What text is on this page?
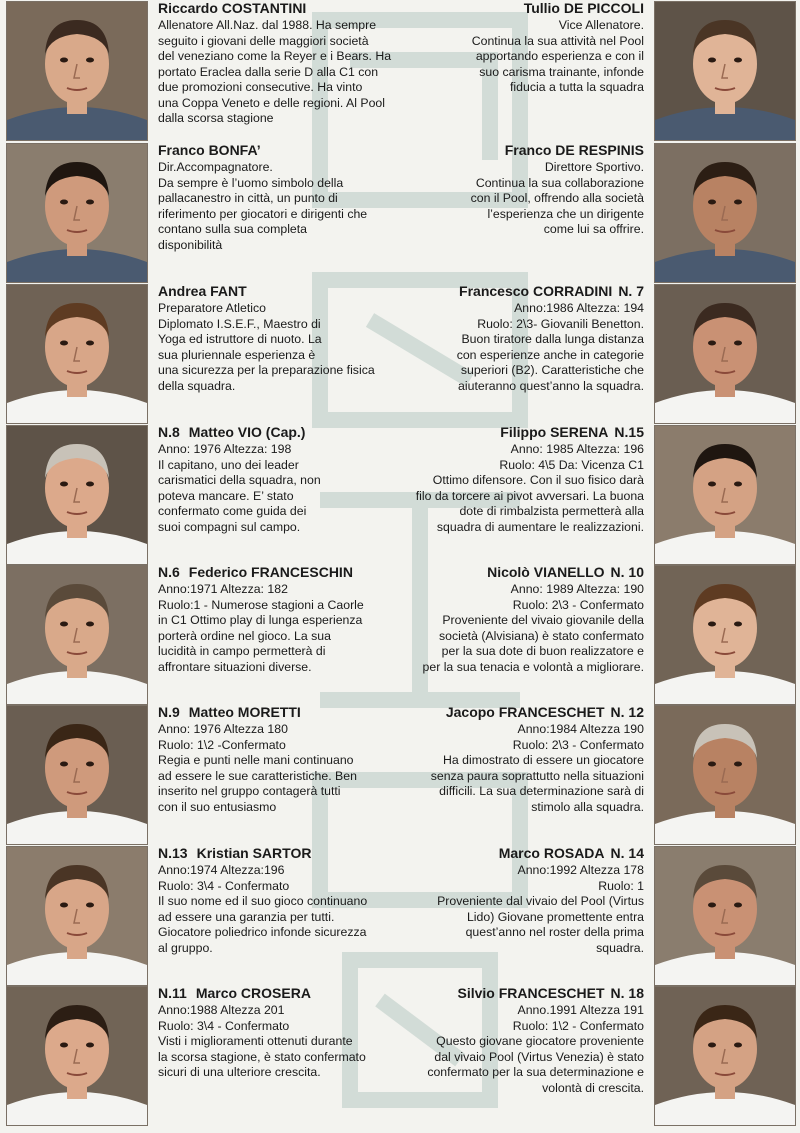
Riccardo COSTANTINI
Allenatore All.Naz. dal 1988. Ha sempre
seguito i giovani delle maggiori società
del veneziano come la Reyer e i Bears. Ha
portato Eraclea dalla serie D alla C1 con
due promozioni consecutive. Ha vinto
una Coppa Veneto e delle regioni. Al Pool
dalla scorsa stagione
Tullio DE PICCOLI
Vice Allenatore.
Continua la sua attività nel Pool
apportando esperienza e con il
suo carisma trainante, infonde
fiducia a tutta la squadra
Franco BONFA’
Dir.Accompagnatore.
Da sempre è l’uomo simbolo della
pallacanestro in città, un punto di
riferimento per giocatori e dirigenti che
contano sulla sua completa
disponibilità
Franco DE RESPINIS
Direttore Sportivo.
Continua la sua collaborazione
con il Pool, offrendo alla società
l’esperienza che un dirigente
come lui sa offrire.
Andrea FANT
Preparatore Atletico
Diplomato I.S.E.F., Maestro di
Yoga ed istruttore di nuoto. La
sua pluriennale esperienza è
una sicurezza per la preparazione fisica
della squadra.
Francesco CORRADINI N. 7
Anno:1986 Altezza: 194
Ruolo: 2\3- Giovanili Benetton.
Buon tiratore dalla lunga distanza
con esperienze anche in categorie
superiori (B2). Caratteristiche che
aiuteranno quest’anno la squadra.
N.8 Matteo VIO (Cap.)
Anno: 1976 Altezza: 198
Il capitano, uno dei leader
carismatici della squadra, non
poteva mancare. E’ stato
confermato come guida dei
suoi compagni sul campo.
Filippo SERENA N.15
Anno: 1985 Altezza: 196
Ruolo: 4\5 Da: Vicenza C1
Ottimo difensore. Con il suo fisico darà
filo da torcere ai pivot avversari. La buona
dote di rimbalzista permetterà alla
squadra di aumentare le realizzazioni.
N.6 Federico FRANCESCHIN
Anno:1971 Altezza: 182
Ruolo:1 - Numerose stagioni a Caorle
in C1 Ottimo play di lunga esperienza
porterà ordine nel gioco. La sua
lucidità in campo permetterà di
affrontare situazioni diverse.
Nicolò VIANELLO N. 10
Anno: 1989 Altezza: 190
Ruolo: 2\3 - Confermato
Proveniente del vivaio giovanile della
società (Alvisiana) è stato confermato
per la sua dote di buon realizzatore e
per la sua tenacia e volontà a migliorare.
N.9 Matteo MORETTI
Anno: 1976 Altezza 180
Ruolo: 1\2 -Confermato
Regia e punti nelle mani continuano
ad essere le sue caratteristiche. Ben
inserito nel gruppo contagerà tutti
con il suo entusiasmo
Jacopo FRANCESCHET N. 12
Anno:1984 Altezza 190
Ruolo: 2\3 - Confermato
Ha dimostrato di essere un giocatore
senza paura soprattutto nella situazioni
difficili. La sua determinazione sarà di
stimolo alla squadra.
N.13 Kristian SARTOR
Anno:1974 Altezza:196
Ruolo: 3\4 - Confermato
Il suo nome ed il suo gioco continuano
ad essere una garanzia per tutti.
Giocatore poliedrico infonde sicurezza
al gruppo.
Marco ROSADA N. 14
Anno:1992 Altezza 178
Ruolo: 1
Proveniente dal vivaio del Pool (Virtus
Lido) Giovane promettente entra
quest’anno nel roster della prima
squadra.
N.11 Marco CROSERA
Anno:1988 Altezza 201
Ruolo: 3\4 - Confermato
Visti i miglioramenti ottenuti durante
la scorsa stagione, è stato confermato
sicuri di una ulteriore crescita.
Silvio FRANCESCHET N. 18
Anno.1991 Altezza 191
Ruolo: 1\2 - Confermato
Questo giovane giocatore proveniente
dal vivaio Pool (Virtus Venezia) è stato
confermato per la sua determinazione e
volontà di crescita.
